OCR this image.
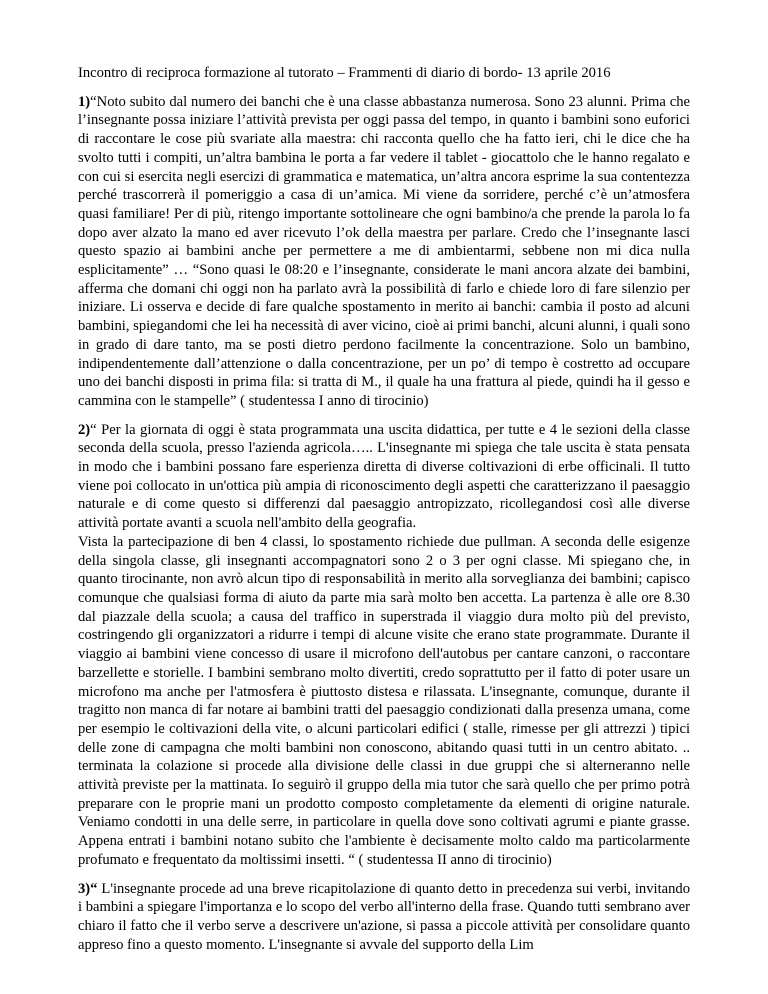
Incontro di reciproca formazione al tutorato – Frammenti di diario di bordo- 13 aprile 2016

1)“Noto subito dal numero dei banchi che è una classe abbastanza numerosa. Sono 23 alunni. Prima che l’insegnante possa iniziare l’attività prevista per oggi passa del tempo, in quanto i bambini sono euforici di raccontare le cose più svariate alla maestra: chi racconta quello che ha fatto ieri, chi le dice che ha svolto tutti i compiti, un’altra bambina le porta a far vedere il tablet - giocattolo che le hanno regalato e con cui si esercita negli esercizi di grammatica e matematica, un’altra ancora esprime la sua contentezza perché trascorrerà il pomeriggio a casa di un’amica. Mi viene da sorridere, perché c’è un’atmosfera quasi familiare! Per di più, ritengo importante sottolineare che ogni bambino/a che prende la parola lo fa dopo aver alzato la mano ed aver ricevuto l’ok della maestra per parlare. Credo che l’insegnante lasci questo spazio ai bambini anche per permettere a me di ambientarmi, sebbene non mi dica nulla esplicitamente” … “Sono quasi le 08:20 e l’insegnante, considerate le mani ancora alzate dei bambini, afferma che domani chi oggi non ha parlato avrà la possibilità di farlo e chiede loro di fare silenzio per iniziare. Li osserva e decide di fare qualche spostamento in merito ai banchi: cambia il posto ad alcuni bambini, spiegandomi che lei ha necessità di aver vicino, cioè ai primi banchi, alcuni alunni, i quali sono in grado di dare tanto, ma se posti dietro perdono facilmente la concentrazione. Solo un bambino, indipendentemente dall’attenzione o dalla concentrazione, per un po’ di tempo è costretto ad occupare uno dei banchi disposti in prima fila: si tratta di M., il quale ha una frattura al piede, quindi ha il gesso e cammina con le stampelle” ( studentessa I anno di tirocinio)

2)“ Per la giornata di oggi è stata programmata una uscita didattica, per tutte e 4 le sezioni della classe seconda della scuola, presso l'azienda agricola….. L'insegnante mi spiega che tale uscita è stata pensata in modo che i bambini possano fare esperienza diretta di diverse coltivazioni di erbe officinali. Il tutto viene poi collocato in un'ottica più ampia di riconoscimento degli aspetti che caratterizzano il paesaggio naturale e di come questo si differenzi dal paesaggio antropizzato, ricollegandosi così alle diverse attività portate avanti a scuola nell'ambito della geografia.

Vista la partecipazione di ben 4 classi, lo spostamento richiede due pullman. A seconda delle esigenze della singola classe, gli insegnanti accompagnatori sono 2 o 3 per ogni classe. Mi spiegano che, in quanto tirocinante, non avrò alcun tipo di responsabilità in merito alla sorveglianza dei bambini; capisco comunque che qualsiasi forma di aiuto da parte mia sarà molto ben accetta. La partenza è alle ore 8.30 dal piazzale della scuola; a causa del traffico in superstrada il viaggio dura molto più del previsto, costringendo gli organizzatori a ridurre i tempi di alcune visite che erano state programmate. Durante il viaggio ai bambini viene concesso di usare il microfono dell'autobus per cantare canzoni, o raccontare barzellette e storielle. I bambini sembrano molto divertiti, credo soprattutto per il fatto di poter usare un microfono ma anche per l'atmosfera è piuttosto distesa e rilassata. L'insegnante, comunque, durante il tragitto non manca di far notare ai bambini tratti del paesaggio condizionati dalla presenza umana, come per esempio le coltivazioni della vite, o alcuni particolari edifici ( stalle, rimesse per gli attrezzi ) tipici delle zone di campagna che molti bambini non conoscono, abitando quasi tutti in un centro abitato. .. terminata la colazione si procede alla divisione delle classi in due gruppi che si alterneranno nelle attività previste per la mattinata. Io seguirò il gruppo della mia tutor che sarà quello che per primo potrà preparare con le proprie mani un prodotto composto completamente da elementi di origine naturale. Veniamo condotti in una delle serre, in particolare in quella dove sono coltivati agrumi e piante grasse. Appena entrati i bambini notano subito che l'ambiente è decisamente molto caldo ma particolarmente profumato e frequentato da moltissimi insetti. “ ( studentessa II anno di tirocinio)

3)“ L'insegnante procede ad una breve ricapitolazione di quanto detto in precedenza sui verbi, invitando i bambini a spiegare l'importanza e lo scopo del verbo all'interno della frase. Quando tutti sembrano aver chiaro il fatto che il verbo serve a descrivere un'azione, si passa a piccole attività per consolidare quanto appreso fino a questo momento. L'insegnante si avvale del supporto della Lim
